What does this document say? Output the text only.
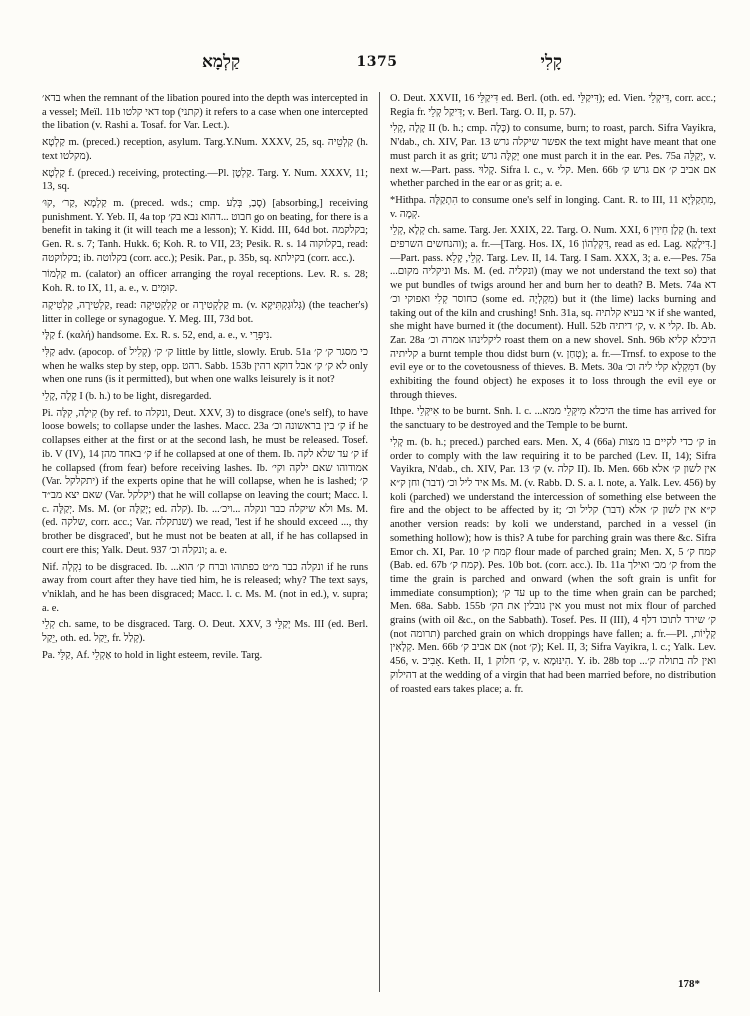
קַלְמָא	1375	קָלִי

בדא׳ when the remnant of the libation poured into the depth was intercepted in a vessel; Meïl. 11b דאי קלטו top (קתני) it refers to a case when one intercepted the libation (v. Rashi a. Tosaf. for Var. Lect.).

קַלְטָא m. (preced.) reception, asylum. Targ.Y.Num. XXXV, 25, sq. קַלְטֵיה (h. text מקלטו).

קַלְטָא f. (preced.) receiving, protecting.—Pl. קַלְטָן. Targ. Y. Num. XXXV, 11; 13, sq.

קַלְמָא ,קַר׳ ,קוּ׳ m. (preced. wds.; cmp. סָבַ, בְּלַע) [absorbing,] receiving punishment. Y. Yeb. II, 4a top חבוט ...דהוא נבא בק׳ go on beating, for there is a benefit in taking it (it will teach me a lesson); Y. Kidd. III, 64d bot. בקלקמה; Gen. R. s. 7; Tanh. Hukk. 6; Koh. R. to VII, 23; Pesik. R. s. 14 בקלוקוה, read: בקלוקטה; ib. בקלוטה (corr. acc.); Pesik. Par., p. 35b, sq. בקילתא (corr. acc.).

קַלְמוֹר m. (calator) an officer arranging the royal receptions. Lev. R. s. 28; Koh. R. to IX, 11, a. e., v. קוּמִים.

קַלְטִירָה, קַלְטִיקָה, read: קַלְקְטִיקָה or קַלְקְטִירָה m. (v. גְּלוּגְקְתִּיקָא) (the teacher's) litter in college or synagogue. Y. Meg. III, 73d bot.

קַלָּי f. (καλή) handsome. Ex. R. s. 52, end, a. e., v. נִיפְּרֵי.

קַלִּי adv. (apocop. of קְלִיל) ק׳ ק׳ little by little, slowly. Erub. 51a כי מסגר ק׳ ק׳ when he walks step by step, opp. רהט. Sabb. 153b לא ק׳ ק׳ אבל דוקא רהין only when one runs (is it permitted), but when one walks leisurely is it not?

קָלָה ,קָלֵי I (b. h.) to be light, disregarded.

Pi. קִילָה, קִלָּה (by ref. to ונקלה, Deut. XXV, 3) to disgrace (one's self), to have loose bowels; to collapse under the lashes. Macc. 23a ק׳ בין בראשונה וכ׳ if he collapses either at the first or at the second lash, he must be released. Tosef. ib. V (IV), 14 ק׳ באחד מהן if he collapsed at one of them. Ib. ק׳ עד שלא לקה if he collapsed (from fear) before receiving lashes. Ib. אמודוהו שאם ילקה וקי׳ (Var. יתקלקל) if the experts opine that he will collapse, when he is lashed; ק׳ שאם יצא מב״ד (Var. יקלקל) that he will collapse on leaving the court; Macc. l. c. יְקַלָּה. Ms. M. (or יְקַלֶּה; ed. קלה). Ib. ...ולא שיקלה כבר ונקלה ...ויכ׳ Ms. M. (ed. שלקה, corr. acc.; Var. שנתקלה) we read, 'lest if he should exceed ..., thy brother be disgraced', but he must not be beaten at all, if he has collapsed in court ere this; Yalk. Deut. 937 ונקלה וכ׳; a. e.

Nif. נִקְלָה to be disgraced. Ib. ...ונקלה כבר מ״ט כפתוהו וברח ק׳ הוא if he runs away from court after they have tied him, he is released; why? The text says, v'niklah, and he has been disgraced; Macc. l. c. Ms. M. (not in ed.), v. supra; a. e.

קְלֵי ch. same, to be disgraced. Targ. O. Deut. XXV, 3 יְקַלֵּי Ms. III (ed. Berl. יֵקַל, oth. ed. יֵקַל, fr. קְלַל).

Pa. קַלֵּי, Af. אַקְלֵי to hold in light esteem, revile. Targ.

O. Deut. XXVII, 16 דִּיקַלֵּי ed. Berl. (oth. ed. דִּיקַלֵּי); ed. Vien. דִּיקְלֵי, corr. acc.; Regia fr. דִּיקַל קְלֵי; v. Berl. Targ. O. II, p. 57).

קָלָה ,קְלִי II (b. h.; cmp. כָּלָה) to consume, burn; to roast, parch. Sifra Vayikra, N'dab., ch. XIV, Par. 13 אפשר שיקלה גרש the text might have meant that one must parch it as grit; יְקַלֶּה גרש one must parch it in the ear. Pes. 75a יְקַלֵּה, v. next w.—Part. pass. קָלוּי. Sifra l. c., v. קלי. Men. 66b אם אביב ק׳ אם גרש ק׳ whether parched in the ear or as grit; a. e.

*Hithpa. הִתְקַלָּה to consume one's self in longing. Cant. R. to III, 11 מִתְקַלְּיָא, v. קְמָה.

קְלָא ,קְלֵי ch. same. Targ. Jer. XXIX, 22. Targ. O. Num. XXI, 6 קְלָן חִיוִין (h. text והנחשים השרפים); a. fr.—[Targ. Hos. IX, 16 דִּקְלְהוֹן, read as ed. Lag. דִּילָקָא.]—Part. pass. קְלֵי, קָלֵא. Targ. Lev. II, 14. Targ. I Sam. XXX, 3; a. e.—Pes. 75a ...וניקליה מקום Ms. M. (ed. ונקליה) (may we not understand the text so) that we put bundles of twigs around her and burn her to death? B. Mets. 74a דא כחוסר קְלִי ואפוקי וכ׳ (some ed. מִקְלְיָה) but it (the lime) lacks burning and taking out of the kiln and crushing! Snh. 31a, sq. אי בעיא קלתיה if she wanted, she might have burned it (the document). Hull. 52b ק׳ דיתיה, v. קלי א. Ib. Ab. Zar. 28a ליקלינהו אמרה וכ׳ roast them on a new shovel. Snh. 96b היכלא קליא קליתיה a burnt temple thou didst burn (v. טְחַן); a. fr.—Trnsf. to expose to the evil eye or to the covetousness of thieves. B. Mets. 30a דמִקְלֵא קלי ליה וכ׳ (by exhibiting the found object) he exposes it to loss through the evil eye or through thieves.

Ithpe. אִיקְּלֵי to be burnt. Snh. l. c. ...היכלא מִיקְּלֵי ממא the time has arrived for the sanctuary to be destroyed and the Temple to be burnt.

קָלִי m. (b. h.; preced.) parched ears. Men. X, 4 (66a) ק׳ כדי לקיים בו מצות in order to comply with the law requiring it to be parched (Lev. II, 14); Sifra Vayikra, N'dab., ch. XIV, Par. 13 ק׳ (v. קלה II). Ib. Men. 66b אין לשון ק׳ אלא איד ליל וכ׳ (דבר) וחן ק״א Ms. M. (v. Rabb. D. S. a. l. note, a. Yalk. Lev. 456) by koli (parched) we understand the intercession of something else between the fire and the object to be affected by it; ק״א אין לשון ק׳ אלא (דבר) קליל וכ׳ another version reads: by koli we understand, parched in a vessel (in something hollow); how is this? A tube for parching grain was there &c. Sifra Emor ch. XI, Par. 10 קמח ק׳ flour made of parched grain; Men. X, 5 קמח ק׳ (Bab. ed. 67b קמח ק׳). Pes. 10b bot. (corr. acc.). Ib. 11a ק׳ מכ׳ ואילך from the time the grain is parched and onward (when the soft grain is unfit for immediate consumption); עד ק׳ up to the time when grain can be parched; Men. 68a. Sabb. 155b אין גובלין את הק׳ you must not mix flour of parched grains (with oil &c., on the Sabbath). Tosef. Pes. II (III), 4 ק׳ שירד לתוכו דלף (not תרומה) parched grain on which droppings have fallen; a. fr.—Pl. קְלָיוֹת, קְלָאִין. Men. 66b אם אביב ק׳ (not ק׳); Kel. II, 3; Sifra Vayikra, l. c.; Yalk. Lev. 456, v. אָבִיב. Keth. II, 1 ק׳ חלוק, v. הִינּוּמָא. Y. ib. 28b top ...ואין לה בתולה ק׳ דהילוק at the wedding of a virgin that had been married before, no distribution of roasted ears takes place; a. fr.

178*
